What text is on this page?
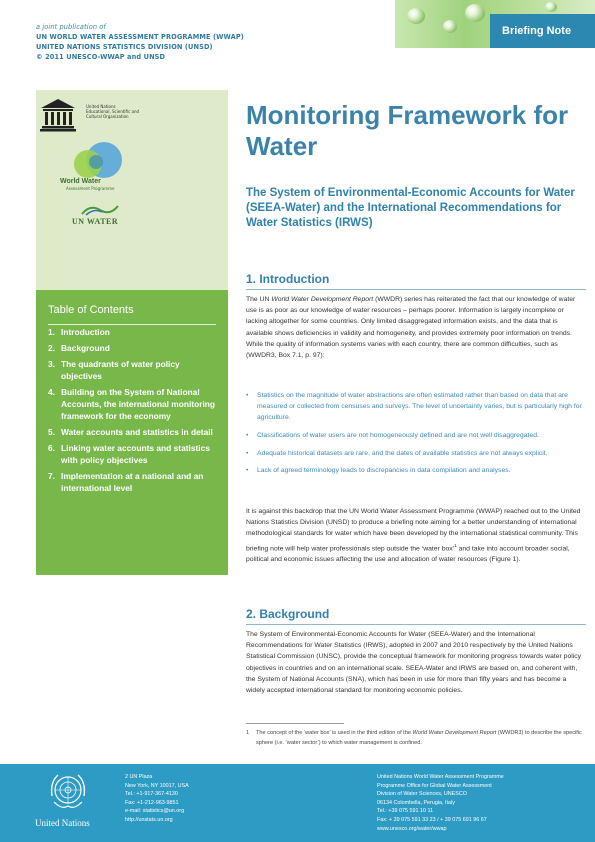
a joint publication of
UN WORLD WATER ASSESSMENT PROGRAMME (WWAP)
UNITED NATIONS STATISTICS DIVISION (UNSD)
© 2011 UNESCO-WWAP and UNSD
Briefing Note
United Nations
Educational, Scientific and
Cultural Organization
World Water
Assessment Programme
UN WATER
Table of Contents
1. Introduction
2. Background
3. The quadrants of water policy objectives
4. Building on the System of National Accounts, the international monitoring framework for the economy
5. Water accounts and statistics in detail
6. Linking water accounts and statistics with policy objectives
7. Implementation at a national and an international level
Monitoring Framework for Water
The System of Environmental-Economic Accounts for Water (SEEA-Water) and the International Recommendations for Water Statistics (IRWS)
1. Introduction

The UN World Water Development Report (WWDR) series has reiterated the fact that our knowledge of water use is as poor as our knowledge of water resources – perhaps poorer. Information is largely incomplete or lacking altogether for some countries. Only limited disaggregated information exists, and the data that is available shows deficiencies in validity and homogeneity, and provides extremely poor information on trends. While the quality of information systems varies with each country, there are common difficulties, such as (WWDR3, Box 7.1, p. 97):

• Statistics on the magnitude of water abstractions are often estimated rather than based on data that are measured or collected from censuses and surveys. The level of uncertainty varies, but is particularly high for agriculture.
• Classifications of water users are not homogeneously defined and are not well disaggregated.
• Adequate historical datasets are rare, and the dates of available statistics are not always explicit.
• Lack of agreed terminology leads to discrepancies in data compilation and analyses.

It is against this backdrop that the UN World Water Assessment Programme (WWAP) reached out to the United Nations Statistics Division (UNSD) to produce a briefing note aiming for a better understanding of international methodological standards for water which have been developed by the international statistical community. This briefing note will help water professionals step outside the ‘water box’$^1$ and take into account broader social, political and economic issues affecting the use and allocation of water resources (Figure 1).

2. Background

The System of Environmental-Economic Accounts for Water (SEEA-Water) and the International Recommendations for Water Statistics (IRWS), adopted in 2007 and 2010 respectively by the United Nations Statistical Commission (UNSC), provide the conceptual framework for monitoring progress towards water policy objectives in countries and on an international scale. SEEA-Water and IRWS are based on, and coherent with, the System of National Accounts (SNA), which has been in use for more than fifty years and has become a widely accepted international standard for monitoring economic policies.

1 The concept of the ‘water box’ is used in the third edition of the World Water Development Report (WWDR3) to describe the specific sphere (i.e. ‘water sector’) to which water management is confined.
United Nations
2 UN Plaza
New York, NY 10017, USA
Tel.: +1-917-367-4130
Fax: +1-212-963-9851
e-mail: statistics@un.org
http://unstats.un.org
United Nations World Water Assessment Programme
Programme Office for Global Water Assessment
Division of Water Sciences, UNESCO
06134 Colombella, Perugia, Italy
Tel.: +39 075 591 10 11
Fax: + 39 075 591 33 23 / + 39 075 691 96 67
www.unesco.org/water/wwap
